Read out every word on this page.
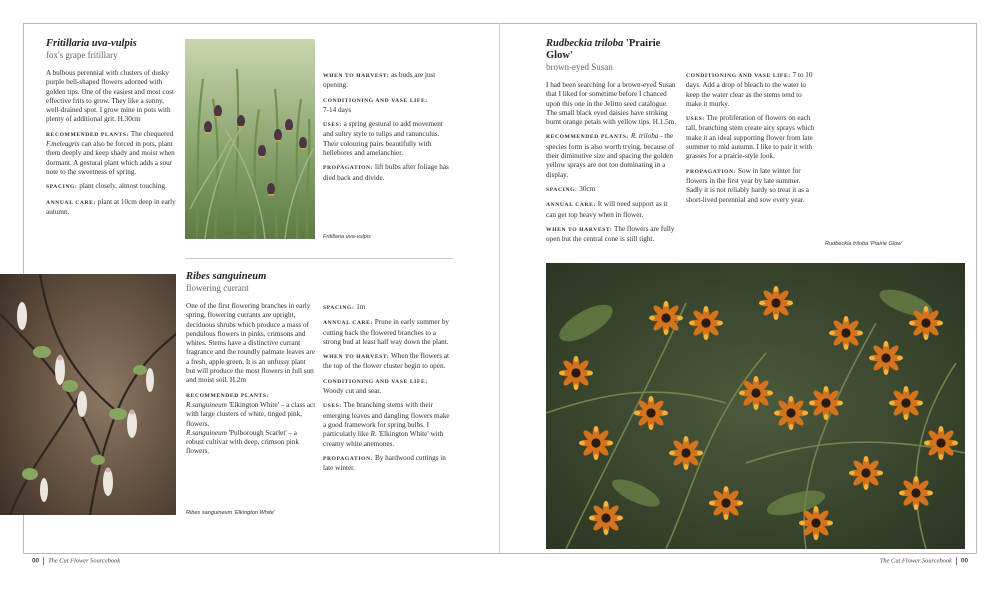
Fritillaria uva-vulpis
fox's grape fritillary

A bulbous perennial with clusters of dusky purple bell-shaped flowers adorned with golden tips. One of the easiest and most cost effective frits to grow. They like a sunny, well-drained spot. I grow mine in pots with plenty of additional grit. H.30cm

RECOMMENDED PLANTS: The chequered F.meleagris can also be forced in pots, plant them deeply and keep shady and moist when dormant. A gestural plant which adds a sour note to the sweetness of spring.

SPACING: plant closely, almost touching.

ANNUAL CARE: plant at 10cm deep in early autumn.

Fritillaria uva-vulpis

WHEN TO HARVEST: as buds are just opening.

CONDITIONING AND VASE LIFE:
7-14 days

USES: a spring gestural to add movement and sultry style to tulips and ranunculus. Their colouring pairs beautifully with hellebores and amelanchier.

PROPAGATION: lift bulbs after foliage has died back and divide.

Ribes sanguineum 'Elkington White'
Ribes sanguineum
flowering currant

One of the first flowering branches in early spring, flowering currants are upright, deciduous shrubs which produce a mass of pendulous flowers in pinks, crimsons and whites. Stems have a distinctive currant fragrance and the roundly palmate leaves are a fresh, apple green. It is an unfussy plant but will produce the most flowers in full sun and moist soil. H.2m

RECOMMENDED PLANTS:
R.sanguineum 'Elkington White' – a class act with large clusters of white, tinged pink, flowers.
R.sanguineum 'Pulborough Scarlet' – a robust cultivar with deep, crimson pink flowers.

SPACING: 1m

ANNUAL CARE: Prune in early summer by cutting back the flowered branches to a strong bud at least half way down the plant.

WHEN TO HARVEST: When the flowers at the top of the flower cluster begin to open.

CONDITIONING AND VASE LIFE:
Woody cut and sear.

USES: The branching stems with their emerging leaves and dangling flowers make a good framework for spring bulbs. I particularly like R. 'Elkington White' with creamy white anemones.

PROPAGATION: By hardwood cuttings in late winter.

Rudbeckia triloba 'Prairie Glow'
brown-eyed Susan

I had been searching for a brown-eyed Susan that I liked for sometime before I chanced upon this one in the Jelitto seed catalogue. The small black eyed daisies have striking burnt orange petals with yellow tips. H.1.5m.

RECOMMENDED PLANTS: R. triloba - the species form is also worth trying, because of their diminutive size and spacing the golden yellow sprays are not too dominating in a display.

SPACING: 30cm

ANNUAL CARE: It will need support as it can get top heavy when in flower.

WHEN TO HARVEST: The flowers are fully open but the central cone is still tight.

CONDITIONING AND VASE LIFE: 7 to 10 days. Add a drop of bleach to the water to keep the water clear as the stems tend to make it murky.

USES: The proliferation of flowers on each tall, branching stem create airy sprays which make it an ideal supporting flower from late summer to mid autumn. I like to pair it with grasses for a prairie-style look.

PROPAGATION: Sow in late winter for flowers in the first year by late summer. Sadly it is not reliably hardy so treat it as a short-lived perennial and sow every year.

Rudbeckia triloba 'Prairie Glow'
00 The Cut Flower Sourcebook	The Cut Flower Sourcebook 00
